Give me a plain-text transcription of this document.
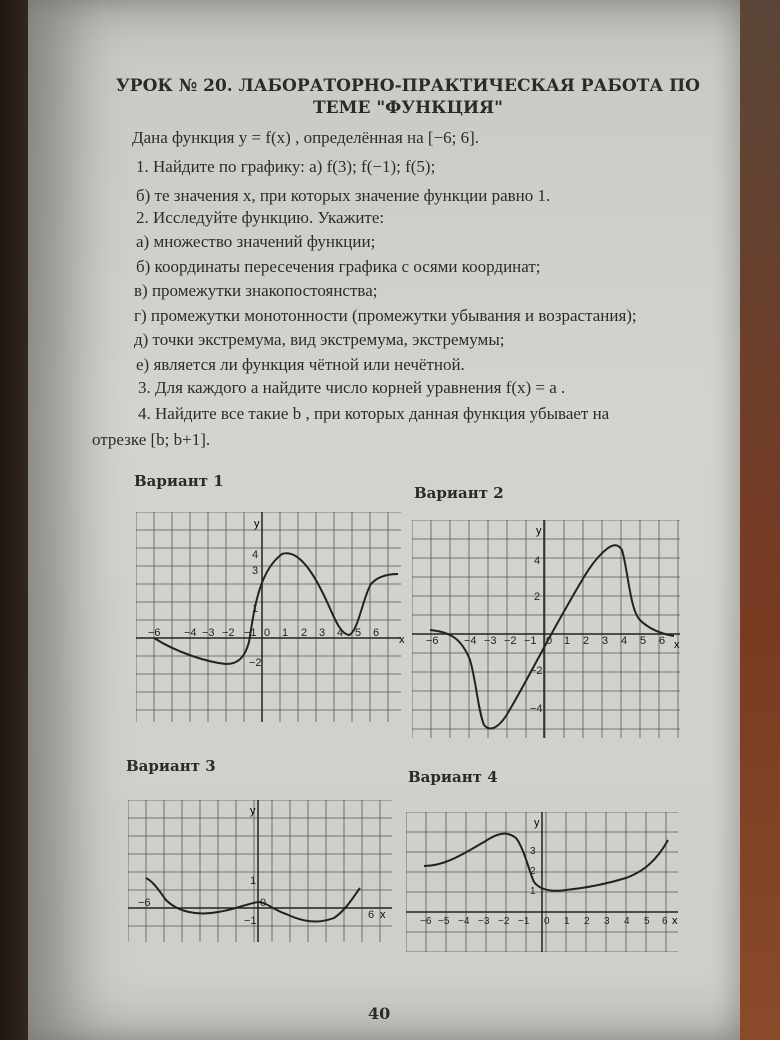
УРОК № 20. ЛАБОРАТОРНО-ПРАКТИЧЕСКАЯ РАБОТА ПО
ТЕМЕ "ФУНКЦИЯ"
Дана функция y = f(x) , определённая на [−6; 6].
1. Найдите по графику: а) f(3); f(−1); f(5);
б) те значения x, при которых значение функции равно 1.
2. Исследуйте функцию. Укажите:
а) множество значений функции;
б) координаты пересечения графика с осями координат;
в) промежутки знакопостоянства;
г) промежутки монотонности (промежутки убывания и возрастания);
д) точки экстремума, вид экстремума, экстремумы;
е) является ли функция чётной или нечётной.
3. Для каждого a найдите число корней уравнения f(x) = a .
4. Найдите все такие b , при которых данная функция убывает на
отрезке [b; b+1].
Вариант 1
Вариант 2
Вариант 3
Вариант 4
y
x
−6 −4 −3 −2 −1 0 1 2 3 4 5 6
4
3
1
−2
y
x
−6 −4 −3 −2 −1 0 1 2 3 4 5 6
4
2
−2
−4
y
x
−6	0
6
1
−1
y
x
−6 −5 −4 −3 −2 −1 0 1 2 3 4 5 6
3
2
1
40
